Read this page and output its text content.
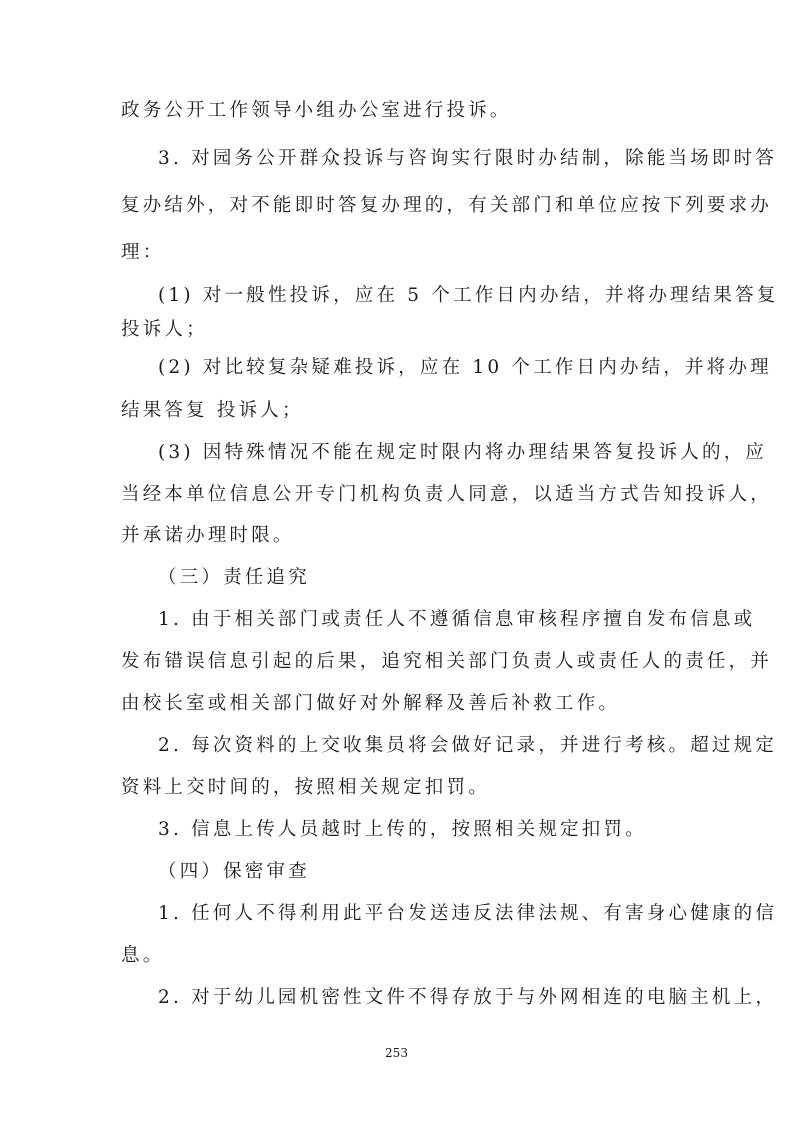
政务公开工作领导小组办公室进行投诉。
3. 对园务公开群众投诉与咨询实行限时办结制，除能当场即时答
复办结外，对不能即时答复办理的，有关部门和单位应按下列要求办
理：
(1) 对一般性投诉，应在 5 个工作日内办结，并将办理结果答复
投诉人；
(2) 对比较复杂疑难投诉，应在 10 个工作日内办结，并将办理
结果答复 投诉人；
(3) 因特殊情况不能在规定时限内将办理结果答复投诉人的，应
当经本单位信息公开专门机构负责人同意，以适当方式告知投诉人，
并承诺办理时限。
（三）责任追究
1. 由于相关部门或责任人不遵循信息审核程序擅自发布信息或
发布错误信息引起的后果，追究相关部门负责人或责任人的责任，并
由校长室或相关部门做好对外解释及善后补救工作。
2. 每次资料的上交收集员将会做好记录，并进行考核。超过规定
资料上交时间的，按照相关规定扣罚。
3. 信息上传人员越时上传的，按照相关规定扣罚。
（四）保密审查
1. 任何人不得利用此平台发送违反法律法规、有害身心健康的信
息。
2. 对于幼儿园机密性文件不得存放于与外网相连的电脑主机上，
253
